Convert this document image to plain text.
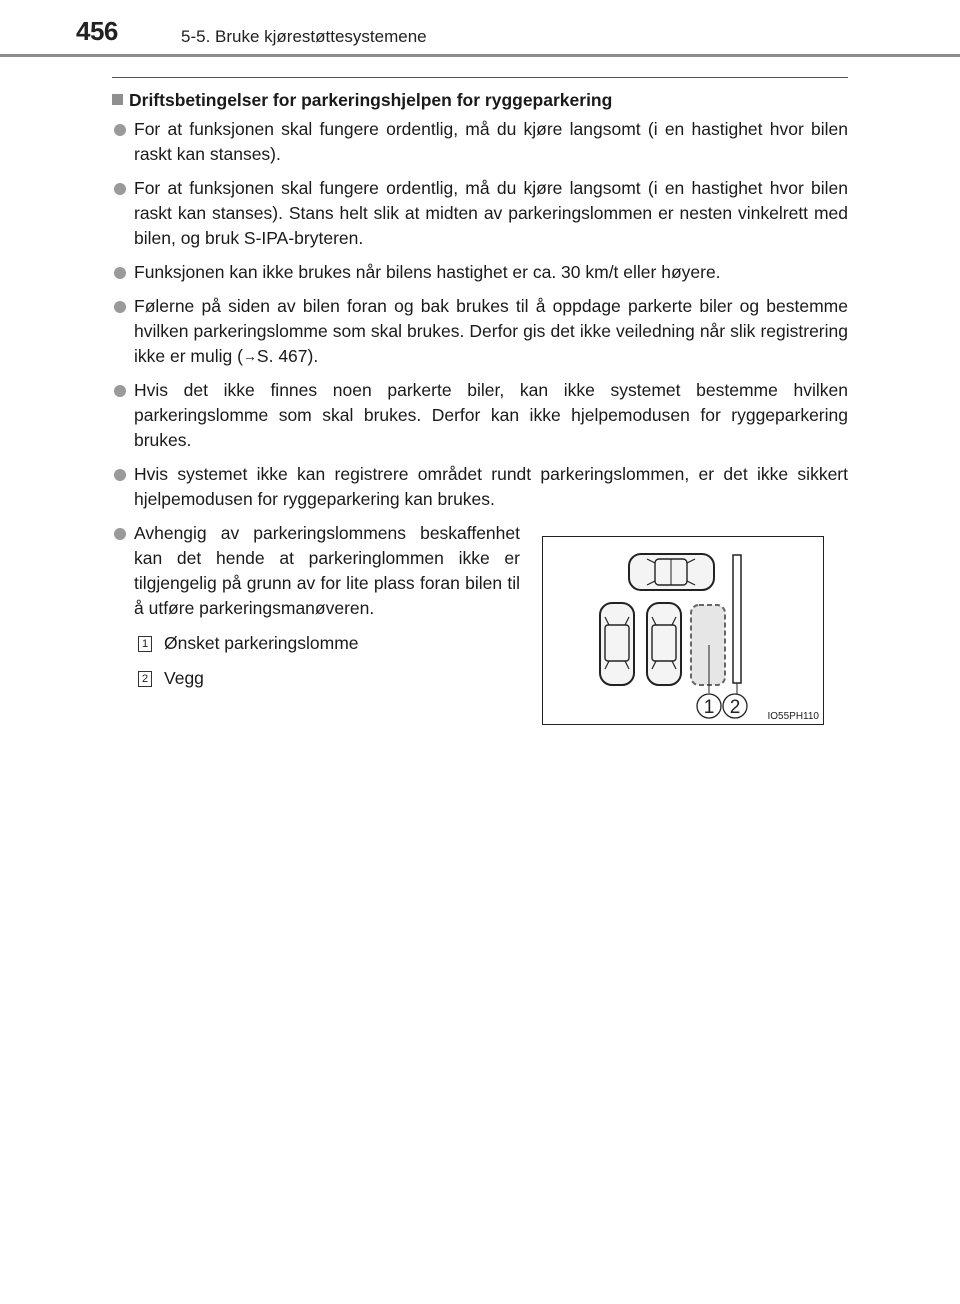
456	5-5. Bruke kjørestøttesystemene
Driftsbetingelser for parkeringshjelpen for ryggeparkering
For at funksjonen skal fungere ordentlig, må du kjøre langsomt (i en hastighet hvor bilen raskt kan stanses).
For at funksjonen skal fungere ordentlig, må du kjøre langsomt (i en hastighet hvor bilen raskt kan stanses). Stans helt slik at midten av parkeringslommen er nesten vinkelrett med bilen, og bruk S-IPA-bryteren.
Funksjonen kan ikke brukes når bilens hastighet er ca. 30 km/t eller høyere.
Følerne på siden av bilen foran og bak brukes til å oppdage parkerte biler og bestemme hvilken parkeringslomme som skal brukes. Derfor gis det ikke veiledning når slik registrering ikke er mulig (→S. 467).
Hvis det ikke finnes noen parkerte biler, kan ikke systemet bestemme hvilken parkeringslomme som skal brukes. Derfor kan ikke hjelpemodusen for ryggeparkering brukes.
Hvis systemet ikke kan registrere området rundt parkeringslommen, er det ikke sikkert hjelpemodusen for ryggeparkering kan brukes.
Avhengig av parkeringslommens beskaffenhet kan det hende at parkeringlommen ikke er tilgjengelig på grunn av for lite plass foran bilen til å utføre parkeringsmanøveren.
1 Ønsket parkeringslomme
2 Vegg
1 2	IO55PH110
